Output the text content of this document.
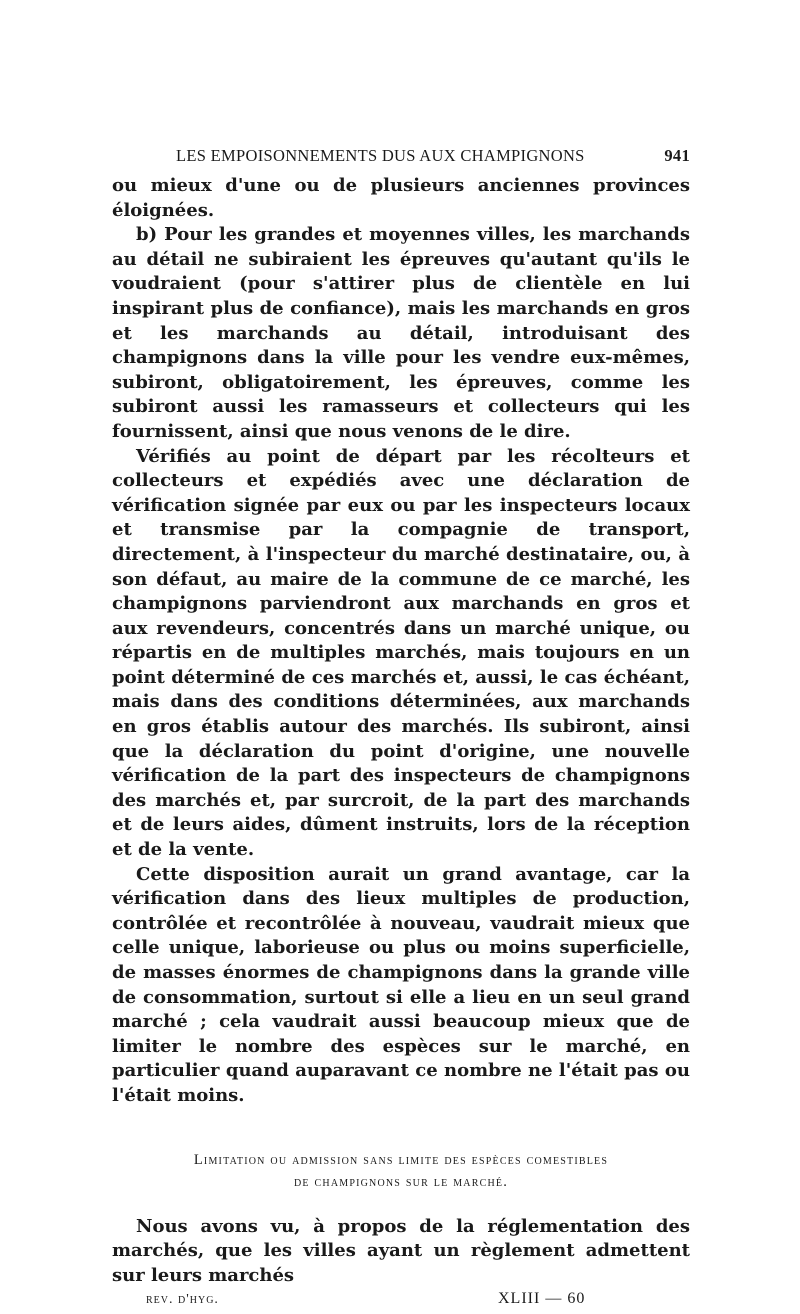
LES EMPOISONNEMENTS DUS AUX CHAMPIGNONS	941

ou mieux d'une ou de plusieurs anciennes provinces éloignées.

b) Pour les grandes et moyennes villes, les marchands au détail ne subiraient les épreuves qu'autant qu'ils le voudraient (pour s'attirer plus de clientèle en lui inspirant plus de confiance), mais les marchands en gros et les marchands au détail, introduisant des champignons dans la ville pour les vendre eux-mêmes, subiront, obligatoirement, les épreuves, comme les subiront aussi les ramasseurs et collecteurs qui les fournissent, ainsi que nous venons de le dire.

Vérifiés au point de départ par les récolteurs et collecteurs et expédiés avec une déclaration de vérification signée par eux ou par les inspecteurs locaux et transmise par la compagnie de transport, directement, à l'inspecteur du marché destinataire, ou, à son défaut, au maire de la commune de ce marché, les champignons parviendront aux marchands en gros et aux revendeurs, concentrés dans un marché unique, ou répartis en de multiples marchés, mais toujours en un point déterminé de ces marchés et, aussi, le cas échéant, mais dans des conditions déterminées, aux marchands en gros établis autour des marchés. Ils subiront, ainsi que la déclaration du point d'origine, une nouvelle vérification de la part des inspecteurs de champignons des marchés et, par surcroit, de la part des marchands et de leurs aides, dûment instruits, lors de la réception et de la vente.

Cette disposition aurait un grand avantage, car la vérification dans des lieux multiples de production, contrôlée et recontrôlée à nouveau, vaudrait mieux que celle unique, laborieuse ou plus ou moins superficielle, de masses énormes de champignons dans la grande ville de consommation, surtout si elle a lieu en un seul grand marché ; cela vaudrait aussi beaucoup mieux que de limiter le nombre des espèces sur le marché, en particulier quand auparavant ce nombre ne l'était pas ou l'était moins.

Limitation ou admission sans limite des espèces comestibles
de champignons sur le marché.

Nous avons vu, à propos de la réglementation des marchés, que les villes ayant un règlement admettent sur leurs marchés

rev. d'hyg.	XLIII — 60
